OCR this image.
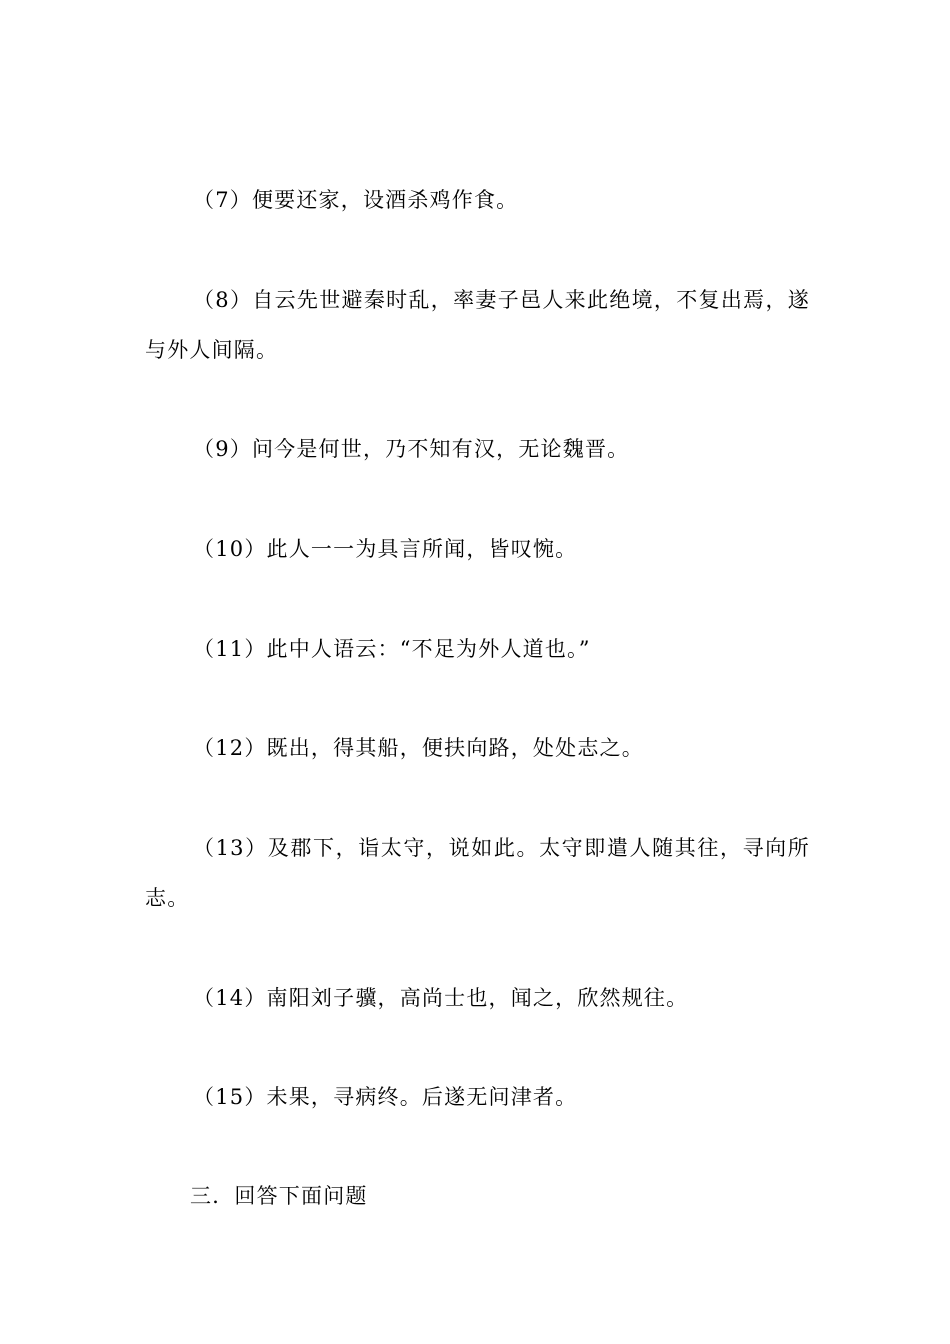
（7）便要还家，设酒杀鸡作食。

（8）自云先世避秦时乱，率妻子邑人来此绝境，不复出焉，遂与外人间隔。

（9）问今是何世，乃不知有汉，无论魏晋。

（10）此人一一为具言所闻，皆叹惋。

（11）此中人语云：“不足为外人道也。”

（12）既出，得其船，便扶向路，处处志之。

（13）及郡下，诣太守，说如此。太守即遣人随其往，寻向所志。

（14）南阳刘子骥，高尚士也，闻之，欣然规往。

（15）未果，寻病终。后遂无问津者。

三．回答下面问题
